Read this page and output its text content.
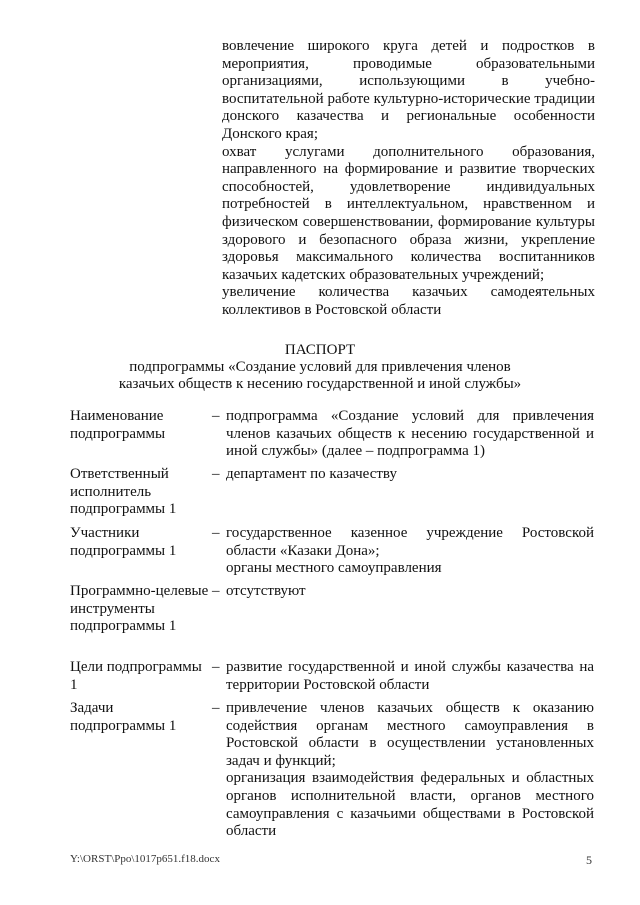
вовлечение широкого круга детей и подростков в мероприятия, проводимые образовательными организациями, использующими в учебно-воспитательной работе культурно-исторические традиции донского казачества и региональные особенности Донского края;

охват услугами дополнительного образования, направленного на формирование и развитие творческих способностей, удовлетворение индивидуальных потребностей в интеллектуальном, нравственном и физическом совершенствовании, формирование культуры здорового и безопасного образа жизни, укрепление здоровья максимального количества воспитанников казачьих кадетских образовательных учреждений;

увеличение количества казачьих самодеятельных коллективов в Ростовской области

ПАСПОРТ
подпрограммы «Создание условий для привлечения членов
казачьих обществ к несению государственной и иной службы»
Наименование подпрограммы
– подпрограмма «Создание условий для привлечения членов казачьих обществ к несению государственной и иной службы» (далее – подпрограмма 1)

Ответственный исполнитель подпрограммы 1
– департамент по казачеству

Участники подпрограммы 1
– государственное казенное учреждение Ростовской области «Казаки Дона»;

органы местного самоуправления

Программно-целевые инструменты подпрограммы 1
– отсутствуют

Цели подпрограммы 1
– развитие государственной и иной службы казачества на территории Ростовской области

Задачи подпрограммы 1
– привлечение членов казачьих обществ к оказанию содействия органам местного самоуправления в Ростовской области в осуществлении установленных задач и функций;

организация взаимодействия федеральных и областных органов исполнительной власти, органов местного самоуправления с казачьими обществами в Ростовской области

Y:\ORST\Ppo\1017p651.f18.docx	5
